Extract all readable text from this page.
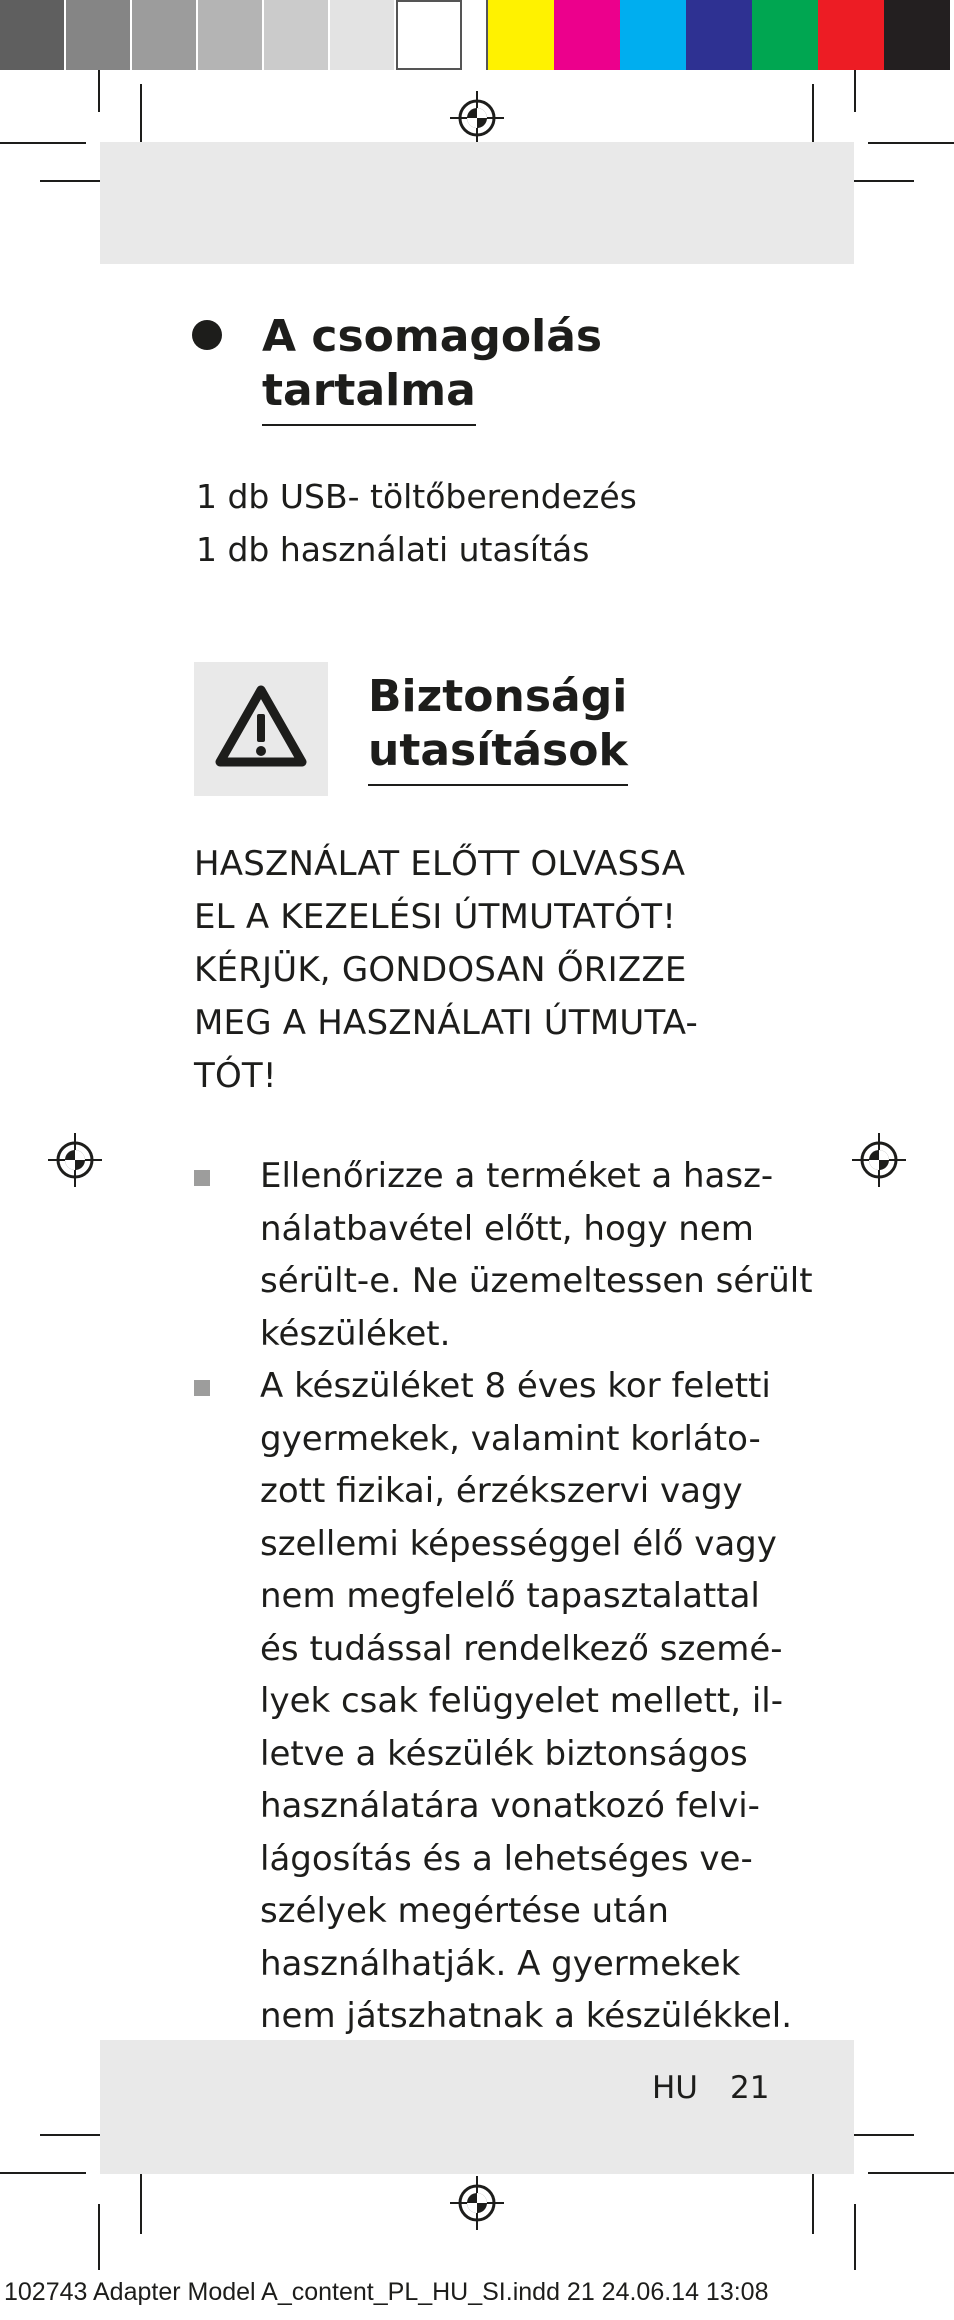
A csomagolás
tartalma
1 db USB- töltőberendezés
1 db használati utasítás
Biztonsági
utasítások
HASZNÁLAT ELŐTT OLVASSA
EL A KEZELÉSI ÚTMUTATÓT!
KÉRJÜK, GONDOSAN ŐRIZZE
MEG A HASZNÁLATI ÚTMUTA-
TÓT!
Ellenőrizze a terméket a hasz-
nálatbavétel előtt, hogy nem
sérült-e. Ne üzemeltessen sérült
készüléket.
A készüléket 8 éves kor feletti
gyermekek, valamint korláto-
zott fizikai, érzékszervi vagy
szellemi képességgel élő vagy
nem megfelelő tapasztalattal
és tudással rendelkező szemé-
lyek csak felügyelet mellett, il-
letve a készülék biztonságos
használatára vonatkozó felvi-
lágosítás és a lehetséges ve-
szélyek megértése után
használhatják. A gyermekek
nem játszhatnak a készülékkel.
HU 21
102743 Adapter Model A_content_PL_HU_SI.indd 21 24.06.14 13:08
